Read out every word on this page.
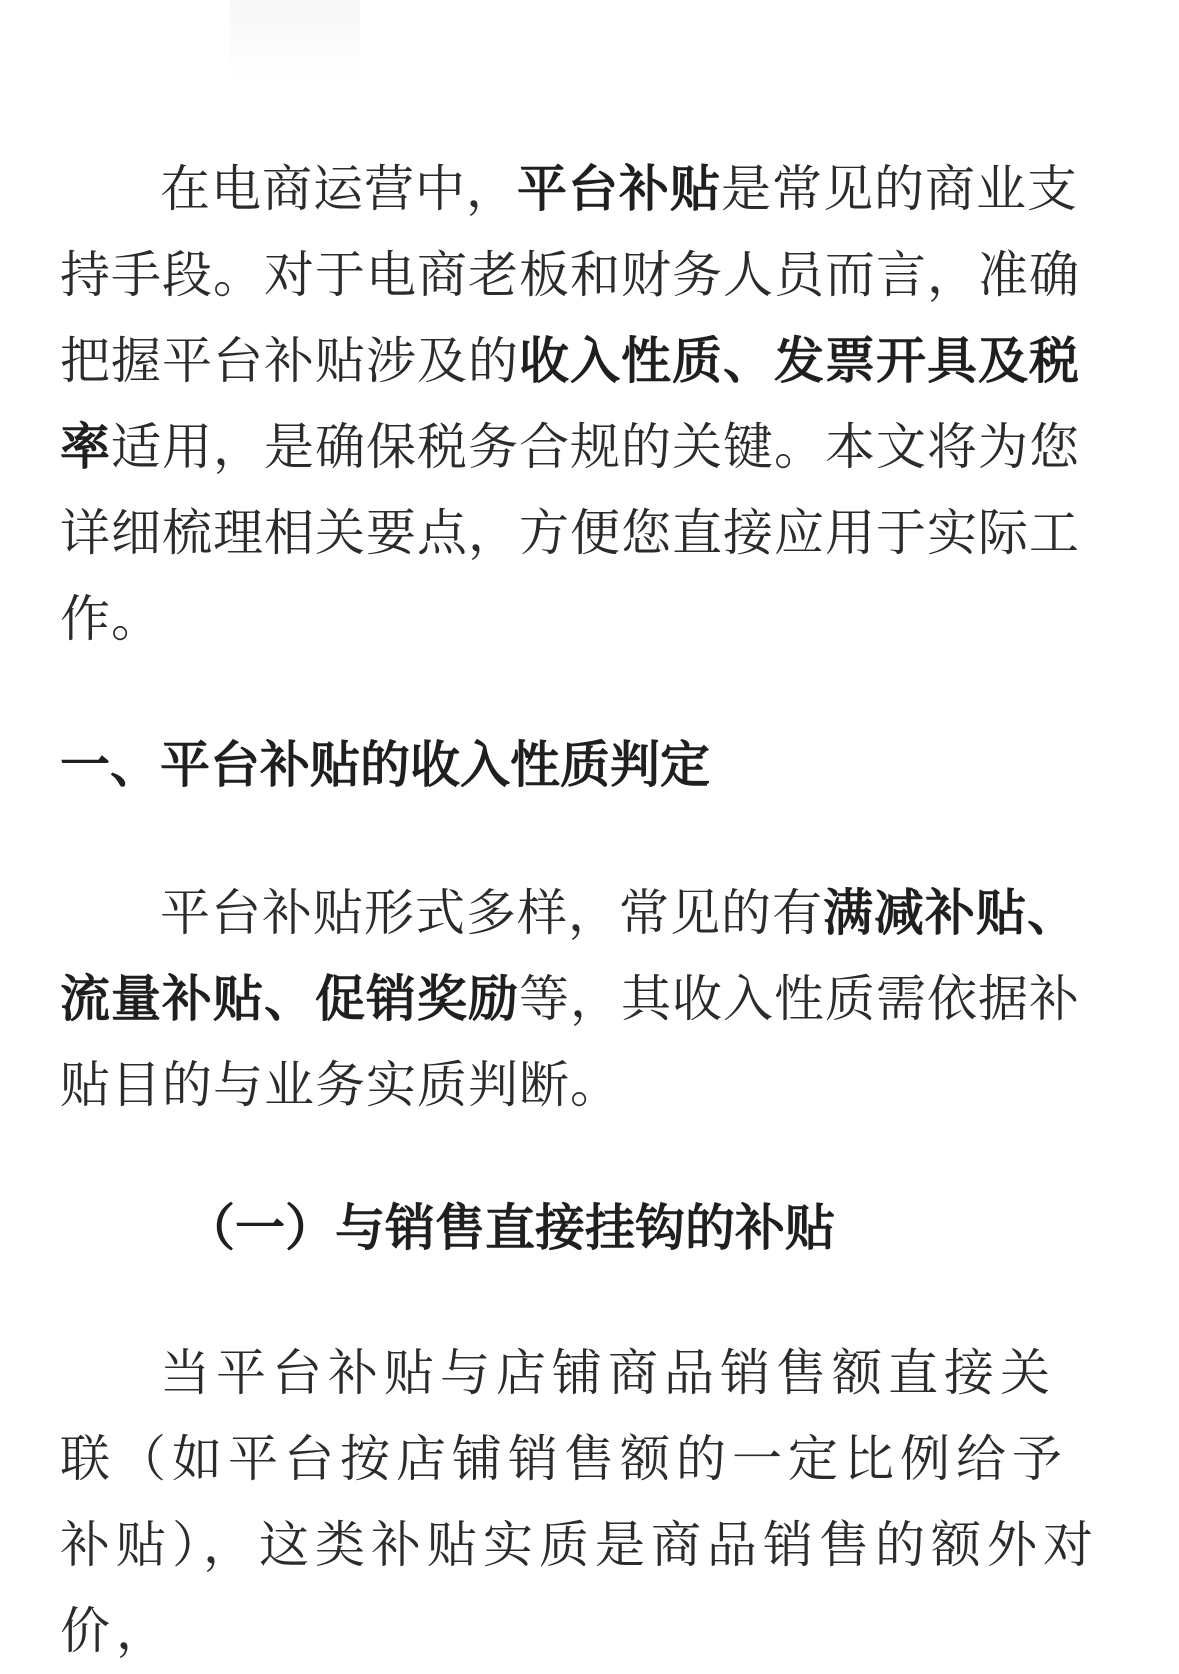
在电商运营中，平台补贴是常见的商业支持手段。对于电商老板和财务人员而言，准确把握平台补贴涉及的收入性质、发票开具及税率适用，是确保税务合规的关键。本文将为您详细梳理相关要点，方便您直接应用于实际工作。

一、平台补贴的收入性质判定

平台补贴形式多样，常见的有满减补贴、流量补贴、促销奖励等，其收入性质需依据补贴目的与业务实质判断。

（一）与销售直接挂钩的补贴

当平台补贴与店铺商品销售额直接关联（如平台按店铺销售额的一定比例给予补贴），这类补贴实质是商品销售的额外对价，
